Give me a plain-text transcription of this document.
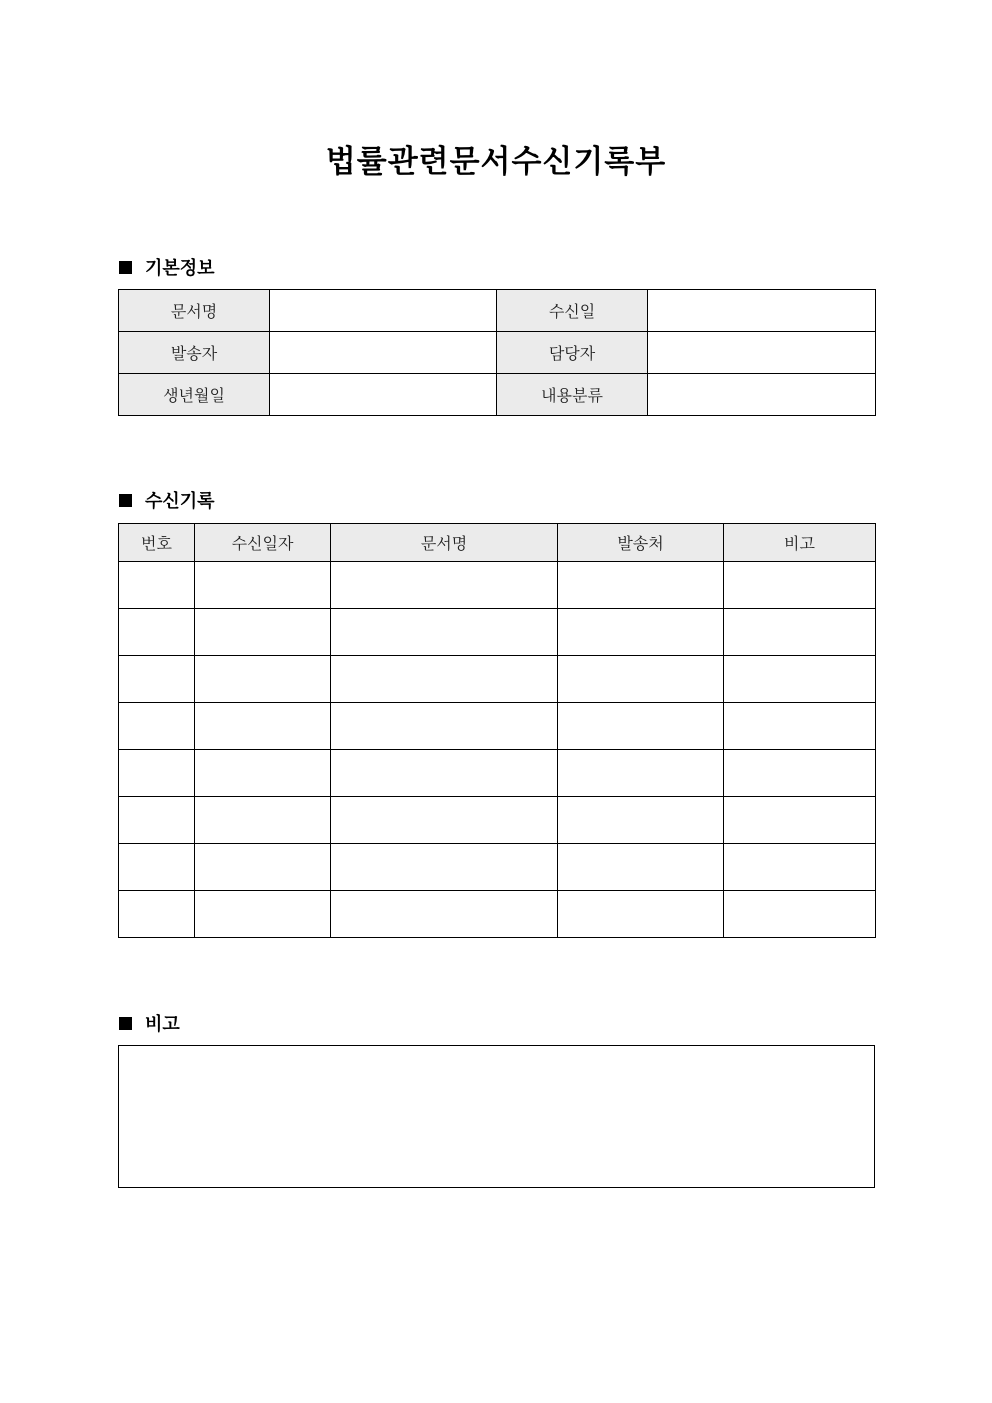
법률관련문서수신기록부
기본정보
문서명		수신일	
발송자		담당자	
생년월일		내용분류	
수신기록
번호	수신일자	문서명	발송처	비고

비고
